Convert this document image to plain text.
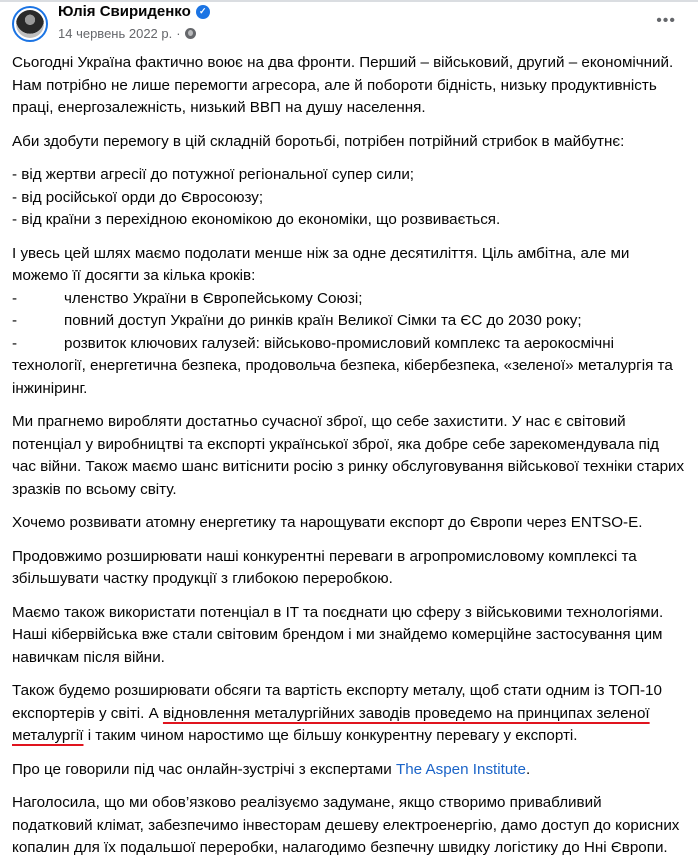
Юлія Свириденко ✓
14 червень 2022 р. ·
•••

Сьогодні Україна фактично воює на два фронти. Перший – військовий, другий – економічний. Нам потрібно не лише перемогти агресора, але й побороти бідність, низьку продуктивність праці, енергозалежність, низький ВВП на душу населення.

Аби здобути перемогу в цій складній боротьбі, потрібен потрійний стрибок в майбутнє:

- від жертви агресії до потужної регіональної супер сили;
- від російської орди до Євросоюзу;
- від країни з перехідною економікою до економіки, що розвивається.

І увесь цей шлях маємо подолати менше ніж за одне десятиліття. Ціль амбітна, але ми можемо її досягти за кілька кроків:

-	членство України в Європейському Союзі;
-	повний доступ України до ринків країн Великої Сімки та ЄС до 2030 року;
-	розвиток ключових галузей: військово-промисловий комплекс та аерокосмічні технології, енергетична безпека, продовольча безпека, кібербезпека, «зеленої» металургія та інжиніринг.

Ми прагнемо виробляти достатньо сучасної зброї, що себе захистити. У нас є світовий потенціал у виробництві та експорті української зброї, яка добре себе зарекомендувала під час війни. Також маємо шанс витіснити росію з ринку обслуговування військової техніки старих зразків по всьому світу.

Хочемо розвивати атомну енергетику та нарощувати експорт до Європи через ENTSO-E.

Продовжимо розширювати наші конкурентні переваги в агропромисловому комплексі та збільшувати частку продукції з глибокою переробкою.

Маємо також використати потенціал в IT та поєднати цю сферу з військовими технологіями. Наші кібервійська вже стали світовим брендом і ми знайдемо комерційне застосування цим навичкам після війни.

Також будемо розширювати обсяги та вартість експорту металу, щоб стати одним із ТОП-10 експортерів у світі. А відновлення металургійних заводів проведемо на принципах зеленої металургії і таким чином наростимо ще більшу конкурентну перевагу у експорті.

Про це говорили під час онлайн-зустрічі з експертами The Aspen Institute.

Наголосила, що ми обов’язково реалізуємо задумане, якщо створимо привабливий податковий клімат, забезпечимо інвесторам дешеву електроенергію, дамо доступ до корисних копалин для їх подальшої переробки, налагодимо безпечну швидку логістику до Нні Європи.
